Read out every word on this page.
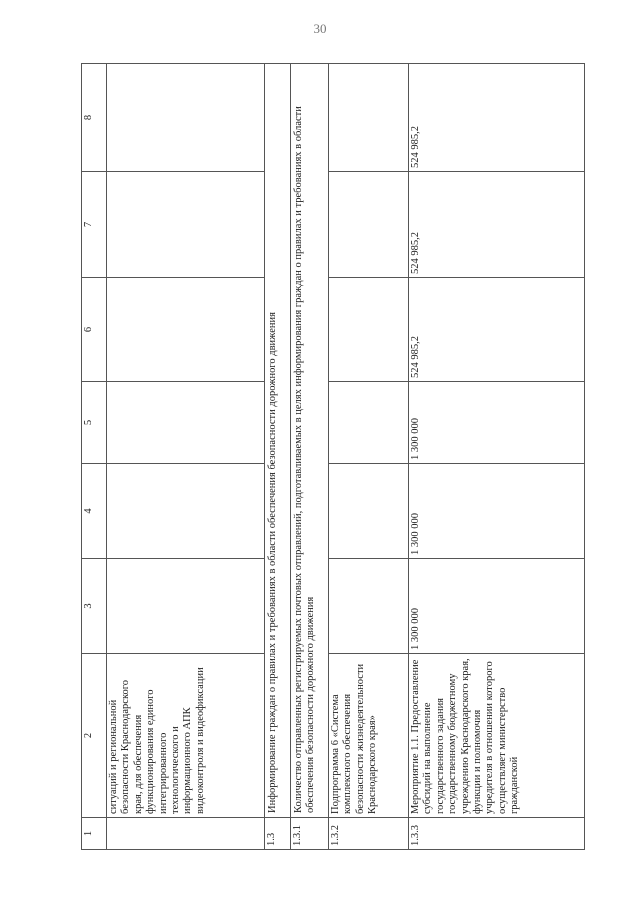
30
1	2	3	4	5	6	7	8
	ситуаций и региональной безопасности Краснодарского края, для обеспечения функционирования единого интегрированного технологического и информационного АПК видеоконтроля и видеофиксации						
1.3	Информирование граждан о правилах и требованиях в области обеспечения безопасности дорожного движения						
1.3.1	Количество отправленных регистрируемых почтовых отправлений, подготавливаемых в целях информирования граждан о правилах и требованиях в области обеспечения безопасности дорожного движения						
1.3.2	Подпрограмма 6 «Система комплексного обеспечения безопасности жизнедеятельности Краснодарского края»						
1.3.3	Мероприятие 1.1. Предоставление субсидий на выполнение государственного задания государственному бюджетному учреждению Краснодарского края, функции и полномочия учредителя в отношении которого осуществляет министерство гражданской	1 300 000	1 300 000	1 300 000	524 985,2	524 985,2	524 985,2
